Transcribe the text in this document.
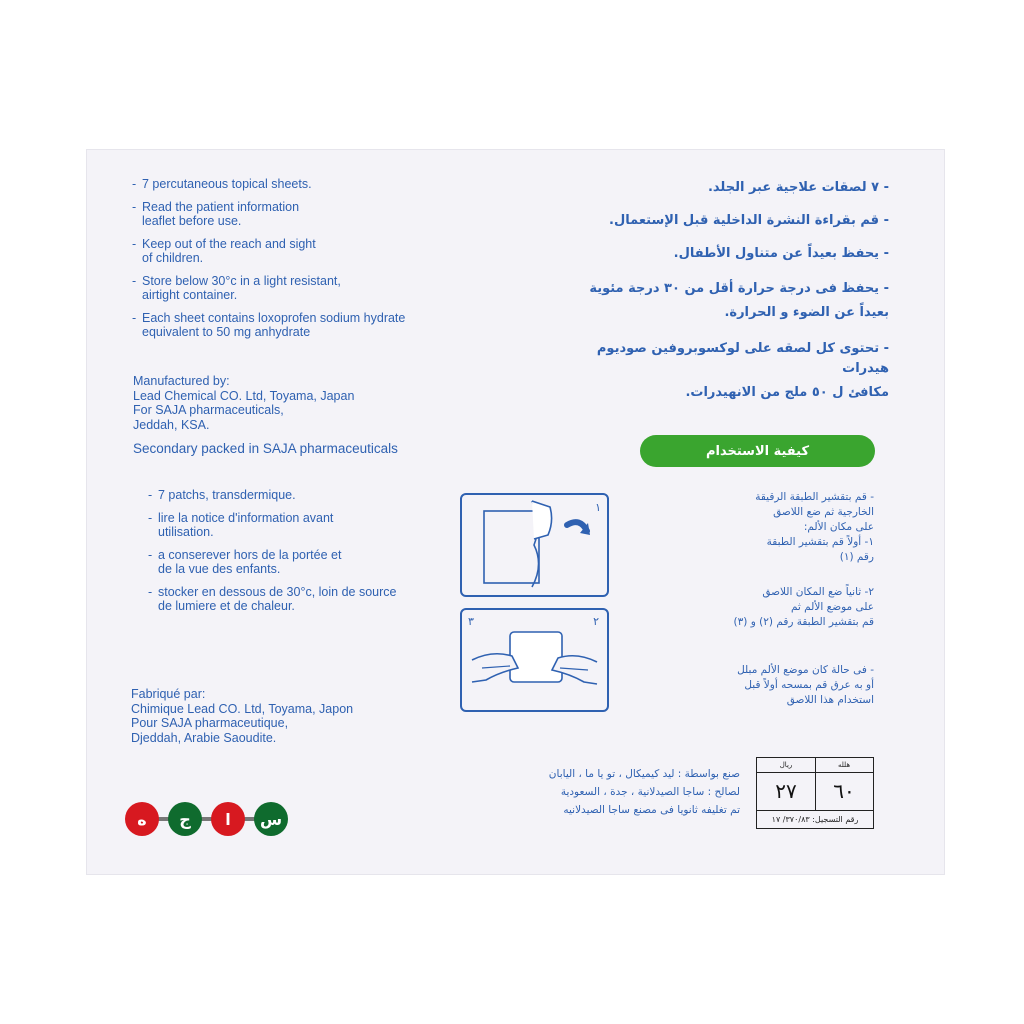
- 7 percutaneous topical sheets.
- Read the patient information
leaflet before use.
- Keep out of the reach and sight
of children.
- Store below 30°c in a light resistant,
airtight container.
- Each sheet contains loxoprofen sodium hydrate
equivalent to 50 mg anhydrate
Manufactured by:
Lead Chemical CO. Ltd, Toyama, Japan
For SAJA pharmaceuticals,
Jeddah, KSA.
Secondary packed in SAJA pharmaceuticals
- 7 patchs, transdermique.
- lire la notice d'information avant
utilisation.
- a conserever hors de la portée et
de la vue des enfants.
- stocker en dessous de 30°c, loin de source
de lumiere et de chaleur.
Fabriqué par:
Chimique Lead CO. Ltd, Toyama, Japon
Pour SAJA pharmaceutique,
Djeddah, Arabie Saoudite.
- ٧ لصقات علاجية عبر الجلد.
- قم بقراءة النشرة الداخلية قبل الإستعمال.
- يحفظ بعيداً عن متناول الأطفال.
- يحفظ فى درجة حرارة أقل من ٣٠ درجة مئوية
بعيداً عن الضوء و الحرارة.
- تحتوى كل لصقه على لوكسوبروفين صوديوم هيدرات
مكافئ ل ٥٠ ملج من الانهيدرات.
كيفية الاستخدام
- قم بتقشير الطبقة الرقيقة
الخارجية ثم ضع اللاصق
على مكان الألم:
١- أولاً قم بتقشير الطبقة
رقم (١)
٢- ثانياً ضع المكان اللاصق
على موضع الألم ثم
قم بتقشير الطبقة رقم (٢) و (٣)
- فى حالة كان موضع الألم مبلل
أو به عرق قم بمسحه أولاً قبل
استخدام هذا اللاصق
١
٣	٢
صنع بواسطة : ليد كيميكال ، تو يا ما ، اليابان
لصالح : ساجا الصيدلانية ، جدة ، السعودية
تم تغليفه ثانويا فى مصنع ساجا الصيدلانيه
ريال	هلله
٢٧	٦٠
رقم التسجيل: ٣٧٠/٨٣/ ١٧
ه ج ا س
